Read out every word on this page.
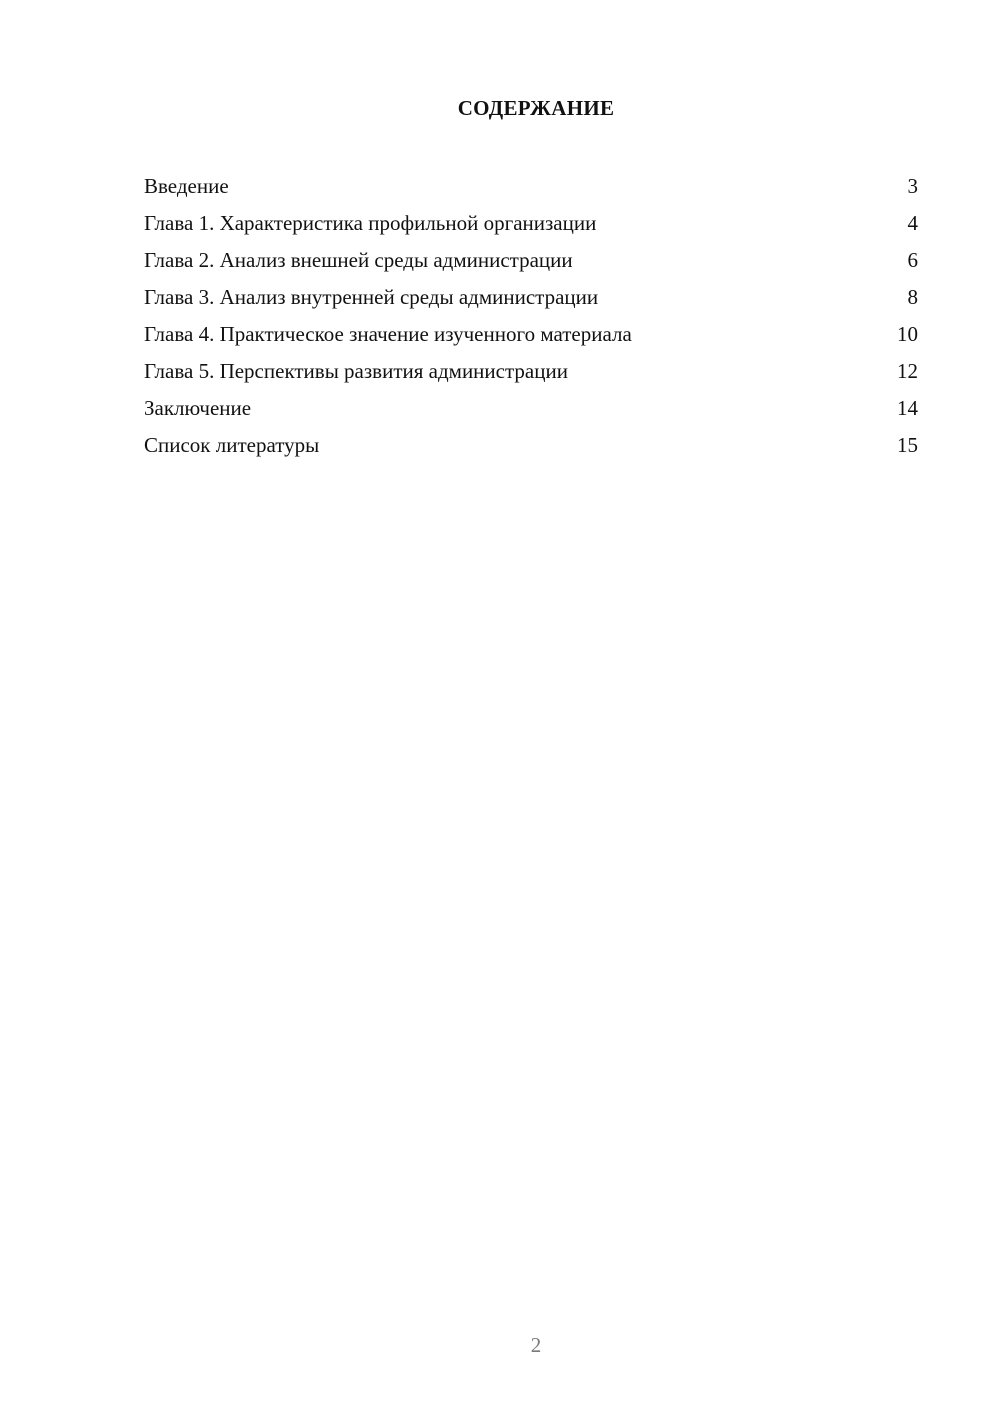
СОДЕРЖАНИЕ
Введение	3
Глава 1. Характеристика профильной организации	4
Глава 2. Анализ внешней среды администрации	6
Глава 3. Анализ внутренней среды администрации	8
Глава 4. Практическое значение изученного материала	10
Глава 5. Перспективы развития администрации	12
Заключение	14
Список литературы	15
2
